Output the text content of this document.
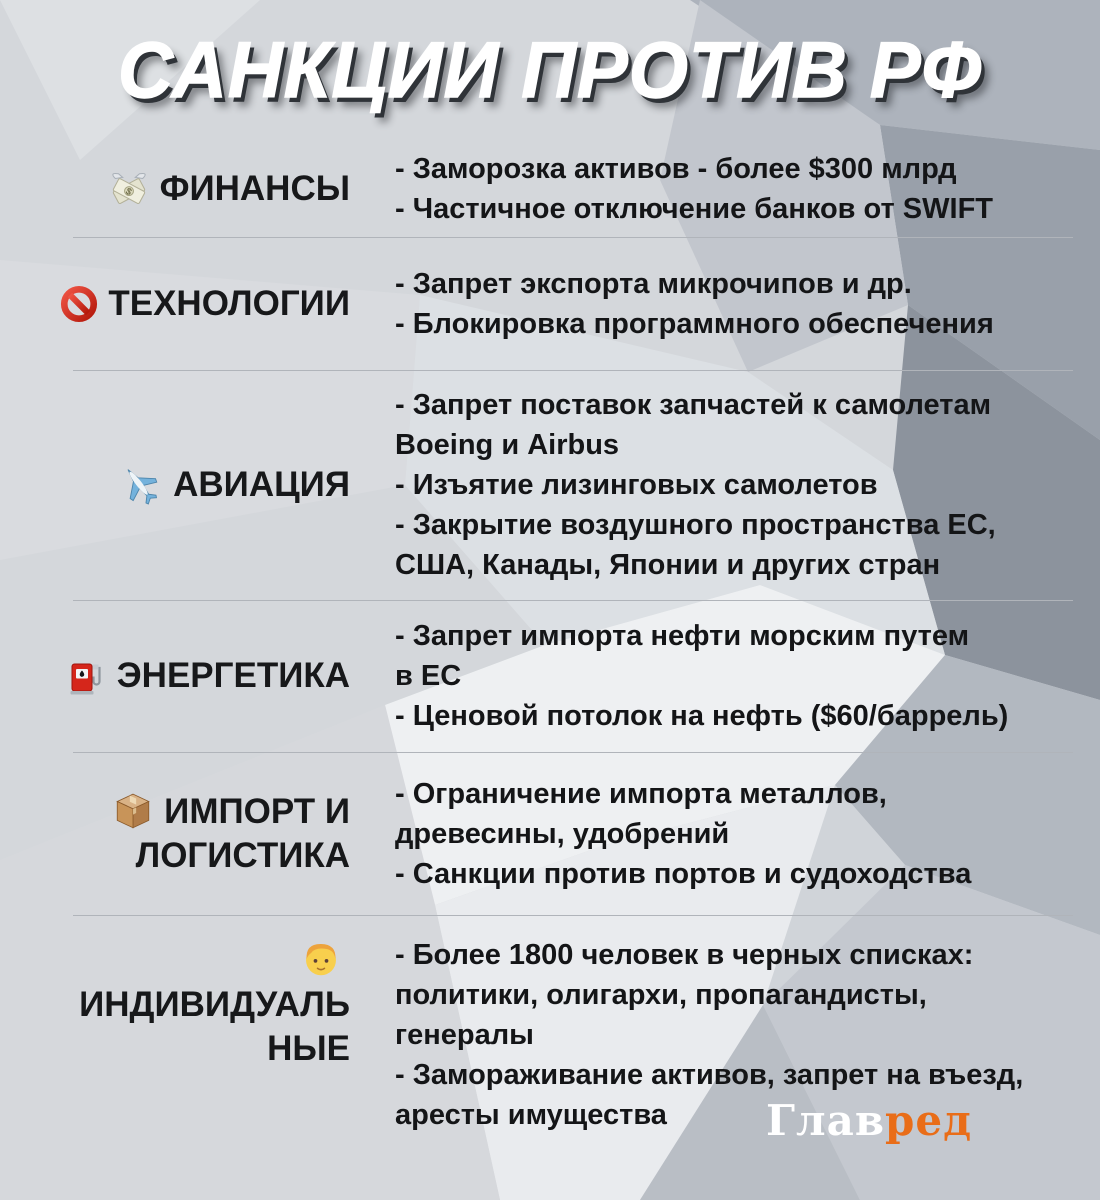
САНКЦИИ ПРОТИВ РФ
$ ФИНАНСЫ - Заморозка активов - более $300 млрд
- Частичное отключение банков от SWIFT
ТЕХНОЛОГИИ - Запрет экспорта микрочипов и др.
- Блокировка программного обеспечения
АВИАЦИЯ
- Запрет поставок запчастей к самолетам
Boeing и Airbus
- Изъятие лизинговых самолетов
- Закрытие воздушного пространства ЕС,
США, Канады, Японии и других стран
ЭНЕРГЕТИКА
- Запрет импорта нефти морским путем
в ЕС
- Ценовой потолок на нефть ($60/баррель)
ИМПОРТ И
ЛОГИСТИКА
- Ограничение импорта металлов,
древесины, удобрений
- Санкции против портов и судоходства
ИНДИВИДУАЛЬ
НЫЕ
- Более 1800 человек в черных списках:
политики, олигархи, пропагандисты,
генералы
- Замораживание активов, запрет на въезд,
аресты имущества	Главред
